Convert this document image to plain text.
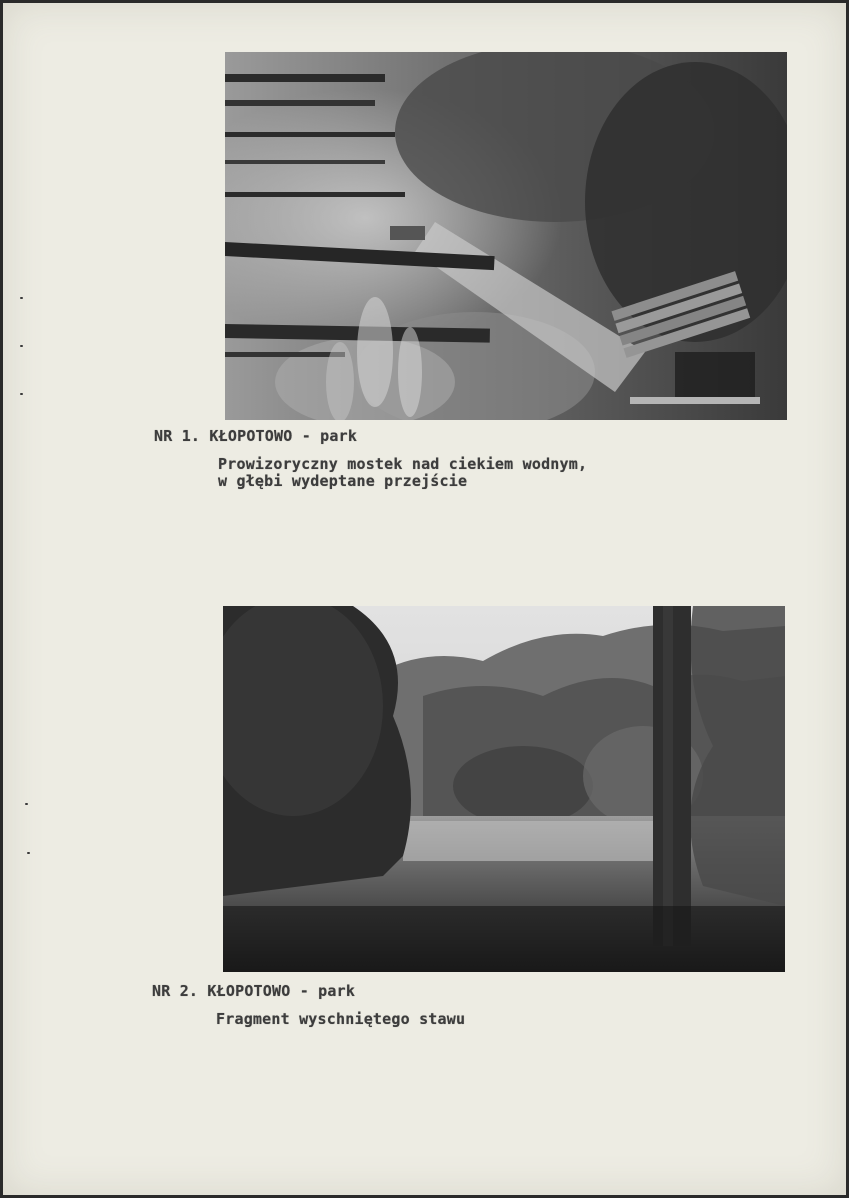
NR 1. KŁOPOTOWO - park
Prowizoryczny mostek nad ciekiem wodnym,
w głębi wydeptane przejście
NR 2. KŁOPOTOWO - park
Fragment wyschniętego stawu
